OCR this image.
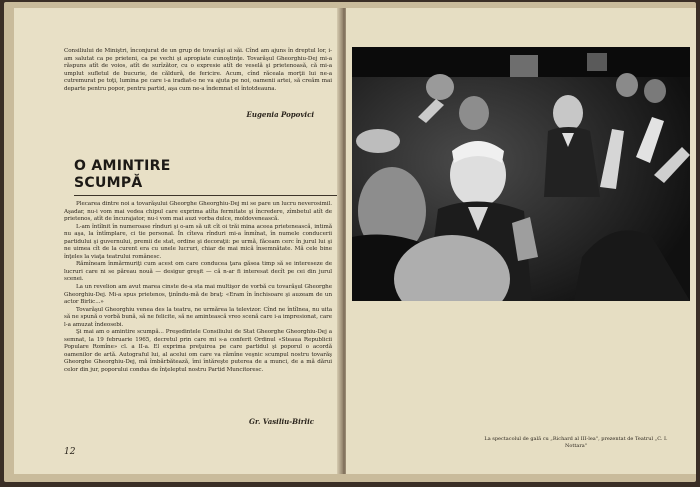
Consiliului de Miniştri, înconjurat de un grup de tovarăşi ai săi. Cînd am ajuns în dreptul lor, i-am salutat ca pe prieteni, ca pe vechi şi apropiate cunoştinţe. Tovarăşul Gheorghiu-Dej mi-a răspuns atît de voios, atît de surîzător, cu o expresie atît de veselă şi prietenoasă, că mi-a umplut sufletul de bucurie, de căldură, de fericire. Acum, cînd răceala morţii lui ne-a cutremurat pe toţi, lumina pe care i-a iradiat-o ne va ajuta pe noi, oamenii artei, să creăm mai departe pentru popor, pentru partid, aşa cum ne-a îndemnat el întotdeauna.

Eugenia Popovici
O AMINTIRE
SCUMPĂ

Plecarea dintre noi a tovarăşului Gheorghe Gheorghiu-Dej mi se pare un lucru neverosimil. Aşadar, nu-i vom mai vedea chipul care exprima atîta fermitate şi încredere, zîmbetul atît de prietenos, atît de încurajator, nu-i vom mai auzi vorba dulce, moldovenească.

L-am întîlnit în numeroase rînduri şi o-am să uit cît oi trăi mina aceea prietenească, intimă nu aşa, la întîmplare, ci tie personal. În cîteva rînduri mi-a înmînat, în numele conducerii partidului şi guvernului, premii de stat, ordine şi decoraţii: pe urmă, făceam cerc în jurul lui şi ne uimea cît de la curent era cu unele lucruri, chiar de mai mică însemnătate. Mă cele bine înţeles la viaţa teatrului românesc.

Rămîneam înmărmuriţi cum acest om care conducea ţara găsea timp să se intereseze de lucruri care ni se păreau nouă — desigur greşit — că n-ar fi interesat decît pe cei din jurul scenei.

La un revelion am avut marea cinste de-a sta mai multişor de vorbă cu tovarăşul Gheorghe Gheorghiu-Dej. Mi-a spus prietenos, ţinîndu-mă de braţ: «Eram în închisoare şi auzeam de un actor Birlic...»

Tovarăşul Gheorghiu venea des la teatru, ne urmărea la televizor. Cînd ne întîlnea, nu uita să ne spună o vorbă bună, să ne felicite, să ne amintească vreo scenă care i-a impresionat, care l-a amuzat îndeosebi.

Şi mai am o amintire scumpă... Preşedintele Consiliului de Stat Gheorghe Gheorghiu-Dej a semnat, la 19 februarie 1965, decretul prin care mi s-a conferit Ordinul «Steaua Republicii Populare Romîne» cl. a II-a. El exprima preţuirea pe care partidul şi poporul o acordă oamenilor de artă. Autograful lui, al acelui om care va rămîne veşnic scumpul nostru tovarăş Gheorghe Gheorghiu-Dej, mă îmbărbătează, îmi întăreşte puterea de a munci, de a mă dărui celor din jur, poporului condus de înţeleptul nostru Partid Muncitoresc.

Gr. Vasiliu-Birlic
12
La spectacolul de gală cu „Richard al III-lea", prezentat de Teatrul „C. I. Nottara"
